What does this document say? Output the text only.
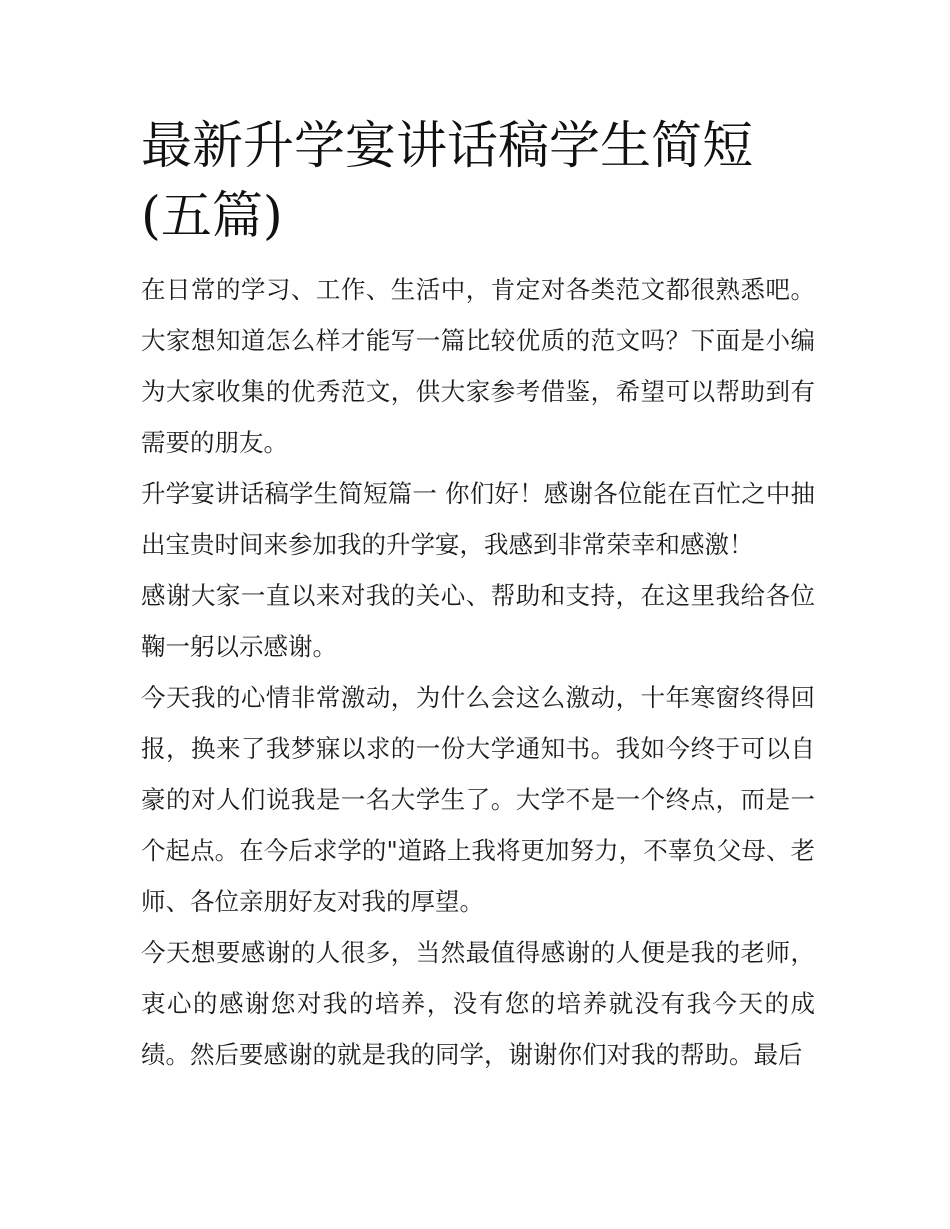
最新升学宴讲话稿学生简短(五篇)

在日常的学习、工作、生活中，肯定对各类范文都很熟悉吧。大家想知道怎么样才能写一篇比较优质的范文吗？下面是小编为大家收集的优秀范文，供大家参考借鉴，希望可以帮助到有需要的朋友。

升学宴讲话稿学生简短篇一 你们好！感谢各位能在百忙之中抽出宝贵时间来参加我的升学宴，我感到非常荣幸和感激！

感谢大家一直以来对我的关心、帮助和支持，在这里我给各位鞠一躬以示感谢。

今天我的心情非常激动，为什么会这么激动，十年寒窗终得回报，换来了我梦寐以求的一份大学通知书。我如今终于可以自豪的对人们说我是一名大学生了。大学不是一个终点，而是一个起点。在今后求学的"道路上我将更加努力，不辜负父母、老师、各位亲朋好友对我的厚望。

今天想要感谢的人很多，当然最值得感谢的人便是我的老师，衷心的感谢您对我的培养，没有您的培养就没有我今天的成绩。然后要感谢的就是我的同学，谢谢你们对我的帮助。最后
